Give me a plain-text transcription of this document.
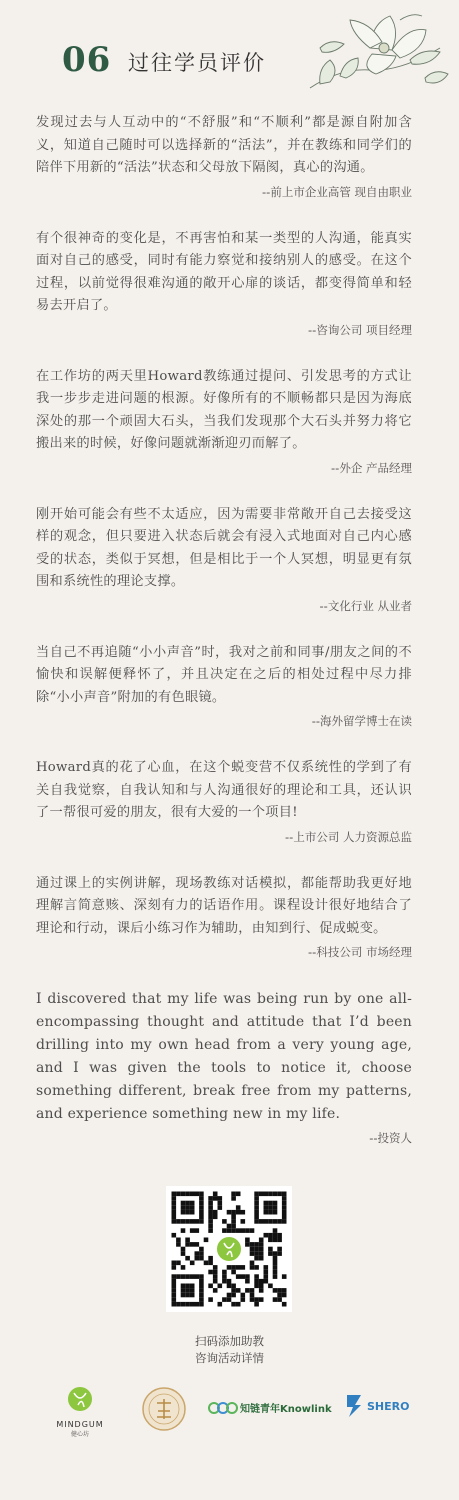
06 过往学员评价

发现过去与人互动中的“不舒服”和“不顺利”都是源自附加含义，知道自己随时可以选择新的“活法”，并在教练和同学们的陪伴下用新的“活法”状态和父母放下隔阂，真心的沟通。

--前上市企业高管 现自由职业

有个很神奇的变化是，不再害怕和某一类型的人沟通，能真实面对自己的感受，同时有能力察觉和接纳别人的感受。在这个过程，以前觉得很难沟通的敞开心扉的谈话，都变得简单和轻易去开启了。

--咨询公司 项目经理

在工作坊的两天里Howard教练通过提问、引发思考的方式让我一步步走进问题的根源。好像所有的不顺畅都只是因为海底深处的那一个顽固大石头，当我们发现那个大石头并努力将它搬出来的时候，好像问题就渐渐迎刃而解了。

--外企 产品经理

刚开始可能会有些不太适应，因为需要非常敞开自己去接受这样的观念，但只要进入状态后就会有浸入式地面对自己内心感受的状态，类似于冥想，但是相比于一个人冥想，明显更有氛围和系统性的理论支撑。

--文化行业 从业者

当自己不再追随“小小声音”时，我对之前和同事/朋友之间的不愉快和误解便释怀了，并且决定在之后的相处过程中尽力排除“小小声音”附加的有色眼镜。

--海外留学博士在读

Howard真的花了心血，在这个蜕变营不仅系统性的学到了有关自我觉察，自我认知和与人沟通很好的理论和工具，还认识了一帮很可爱的朋友，很有大爱的一个项目!

--上市公司 人力资源总监

通过课上的实例讲解，现场教练对话模拟，都能帮助我更好地理解言简意赅、深刻有力的话语作用。课程设计很好地结合了理论和行动，课后小练习作为辅助，由知到行、促成蜕变。

--科技公司 市场经理

I discovered that my life was being run by one all-encompassing thought and attitude that I’d been drilling into my own head from a very young age, and I was given the tools to notice it, choose something different, break free from my patterns, and experience something new in my life.

--投资人
扫码添加助教
咨询活动详情
MINDGUM
健心坊
知链青年Knowlink	SHERO
